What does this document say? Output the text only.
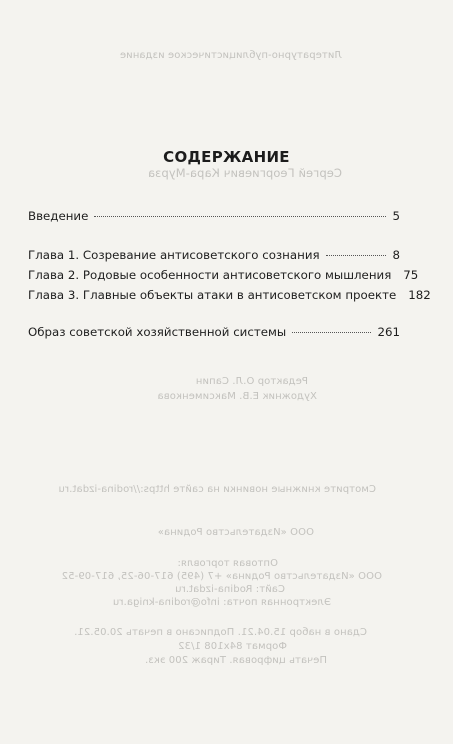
Литературно-публицистическое издание
Сергей Георгиевич Кара-Мурза
Редактор О.Л. Сапин
Художник Е.В. Максименкова
Смотрите книжные новинки на сайте https://rodina-izdat.ru
ООО «Издательство Родина»
Оптовая торговля:
ООО «Издательство Родина» +7 (495) 617-06-25, 617-09-52
Сайт: Rodina-izdat.ru
Электронная почта: info@rodina-kniga.ru
Сдано в набор 15.04.21. Подписано в печать 20.05.21.
Формат 84х108 1/32
Печать цифровая. Тираж 200 экз.
СОДЕРЖАНИЕ
Введение	5
Глава 1. Созревание антисоветского сознания	8
Глава 2. Родовые особенности антисоветского мышления 75
Глава 3. Главные объекты атаки в антисоветском проекте 182
Образ советской хозяйственной системы	261
